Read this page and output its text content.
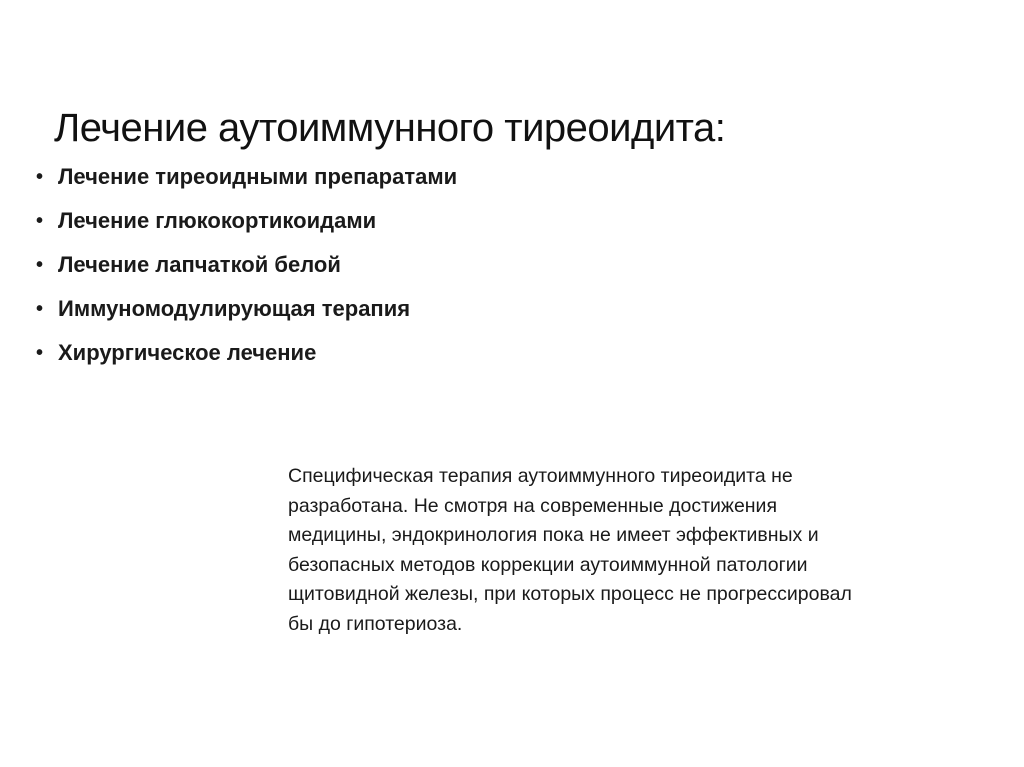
Лечение аутоиммунного тиреоидита:
• Лечение тиреоидными препаратами
• Лечение глюкокортикоидами
• Лечение лапчаткой белой
• Иммуномодулирующая терапия
• Хирургическое лечение

Специфическая терапия аутоиммунного тиреоидита не
разработана. Не смотря на современные достижения
медицины, эндокринология пока не имеет эффективных и
безопасных методов коррекции аутоиммунной патологии
щитовидной железы, при которых процесс не прогрессировал
бы до гипотериоза.
